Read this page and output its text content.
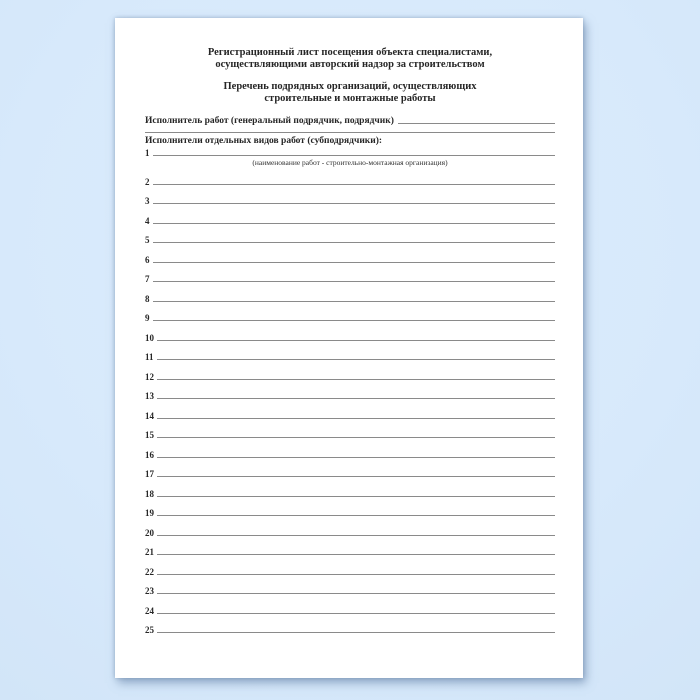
Регистрационный лист посещения объекта специалистами,
осуществляющими авторский надзор за строительством
Перечень подрядных организаций, осуществляющих
строительные и монтажные работы
Исполнитель работ (генеральный подрядчик, подрядчик)
Исполнители отдельных видов работ (субподрядчики):
1
(наименование работ - строительно-монтажная организация)
2
3
4
5
6
7
8
9
10
11
12
13
14
15
16
17
18
19
20
21
22
23
24
25
